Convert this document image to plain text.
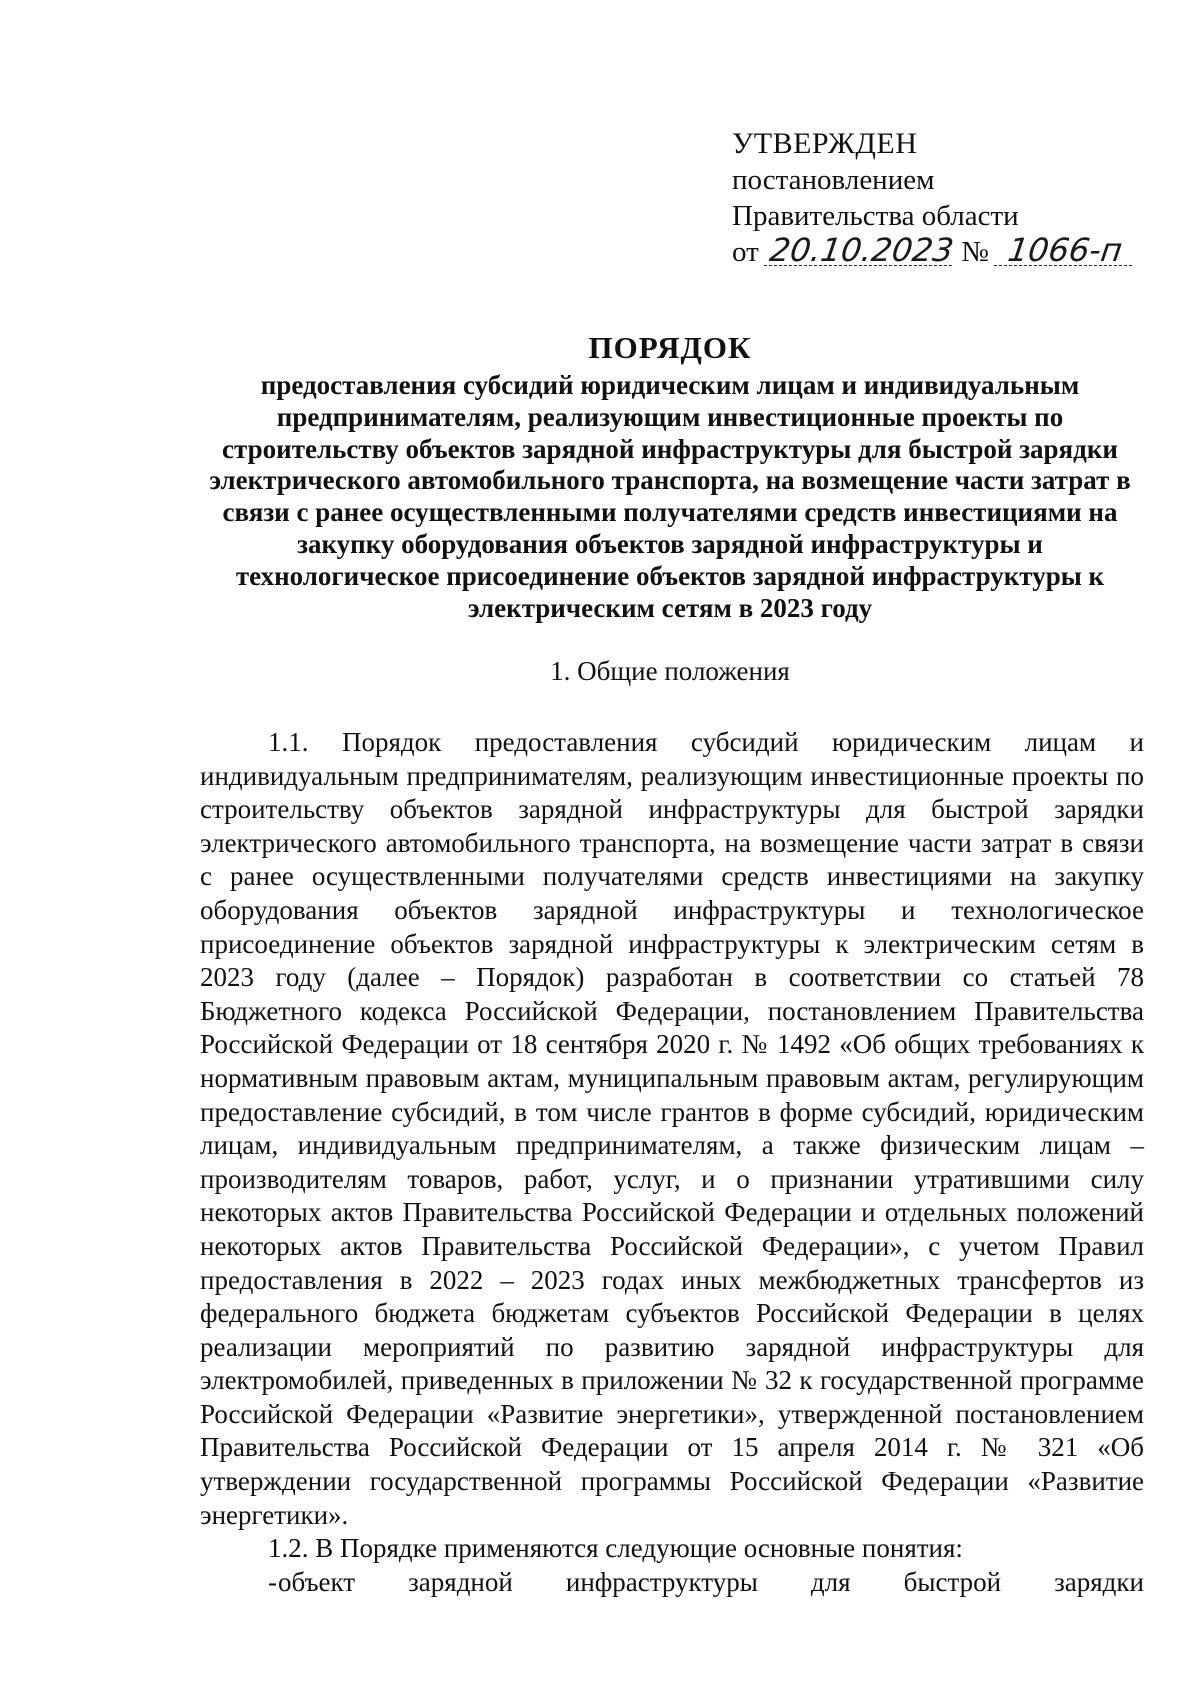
УТВЕРЖДЕН
постановлением
Правительства области
от 20.10.2023 № 1066-п
ПОРЯДОК
предоставления субсидий юридическим лицам и индивидуальным предпринимателям, реализующим инвестиционные проекты по строительству объектов зарядной инфраструктуры для быстрой зарядки электрического автомобильного транспорта, на возмещение части затрат в связи с ранее осуществленными получателями средств инвестициями на закупку оборудования объектов зарядной инфраструктуры и технологическое присоединение объектов зарядной инфраструктуры к электрическим сетям в 2023 году
1. Общие положения

1.1. Порядок предоставления субсидий юридическим лицам и индивидуальным предпринимателям, реализующим инвестиционные проекты по строительству объектов зарядной инфраструктуры для быстрой зарядки электрического автомобильного транспорта, на возмещение части затрат в связи с ранее осуществленными получателями средств инвестициями на закупку оборудования объектов зарядной инфраструктуры и технологическое присоединение объектов зарядной инфраструктуры к электрическим сетям в 2023 году (далее – Порядок) разработан в соответствии со статьей 78 Бюджетного кодекса Российской Федерации, постановлением Правительства Российской Федерации от 18 сентября 2020 г. № 1492 «Об общих требованиях к нормативным правовым актам, муниципальным правовым актам, регулирующим предоставление субсидий, в том числе грантов в форме субсидий, юридическим лицам, индивидуальным предпринимателям, а также физическим лицам – производителям товаров, работ, услуг, и о признании утратившими силу некоторых актов Правительства Российской Федерации и отдельных положений некоторых актов Правительства Российской Федерации», с учетом Правил предоставления в 2022 – 2023 годах иных межбюджетных трансфертов из федерального бюджета бюджетам субъектов Российской Федерации в целях реализации мероприятий по развитию зарядной инфраструктуры для электромобилей, приведенных в приложении № 32 к государственной программе Российской Федерации «Развитие энергетики», утвержденной постановлением Правительства Российской Федерации от 15 апреля 2014 г. № 321 «Об утверждении государственной программы Российской Федерации «Развитие энергетики».

1.2. В Порядке применяются следующие основные понятия:

объект зарядной инфраструктуры для быстрой зарядки
-
